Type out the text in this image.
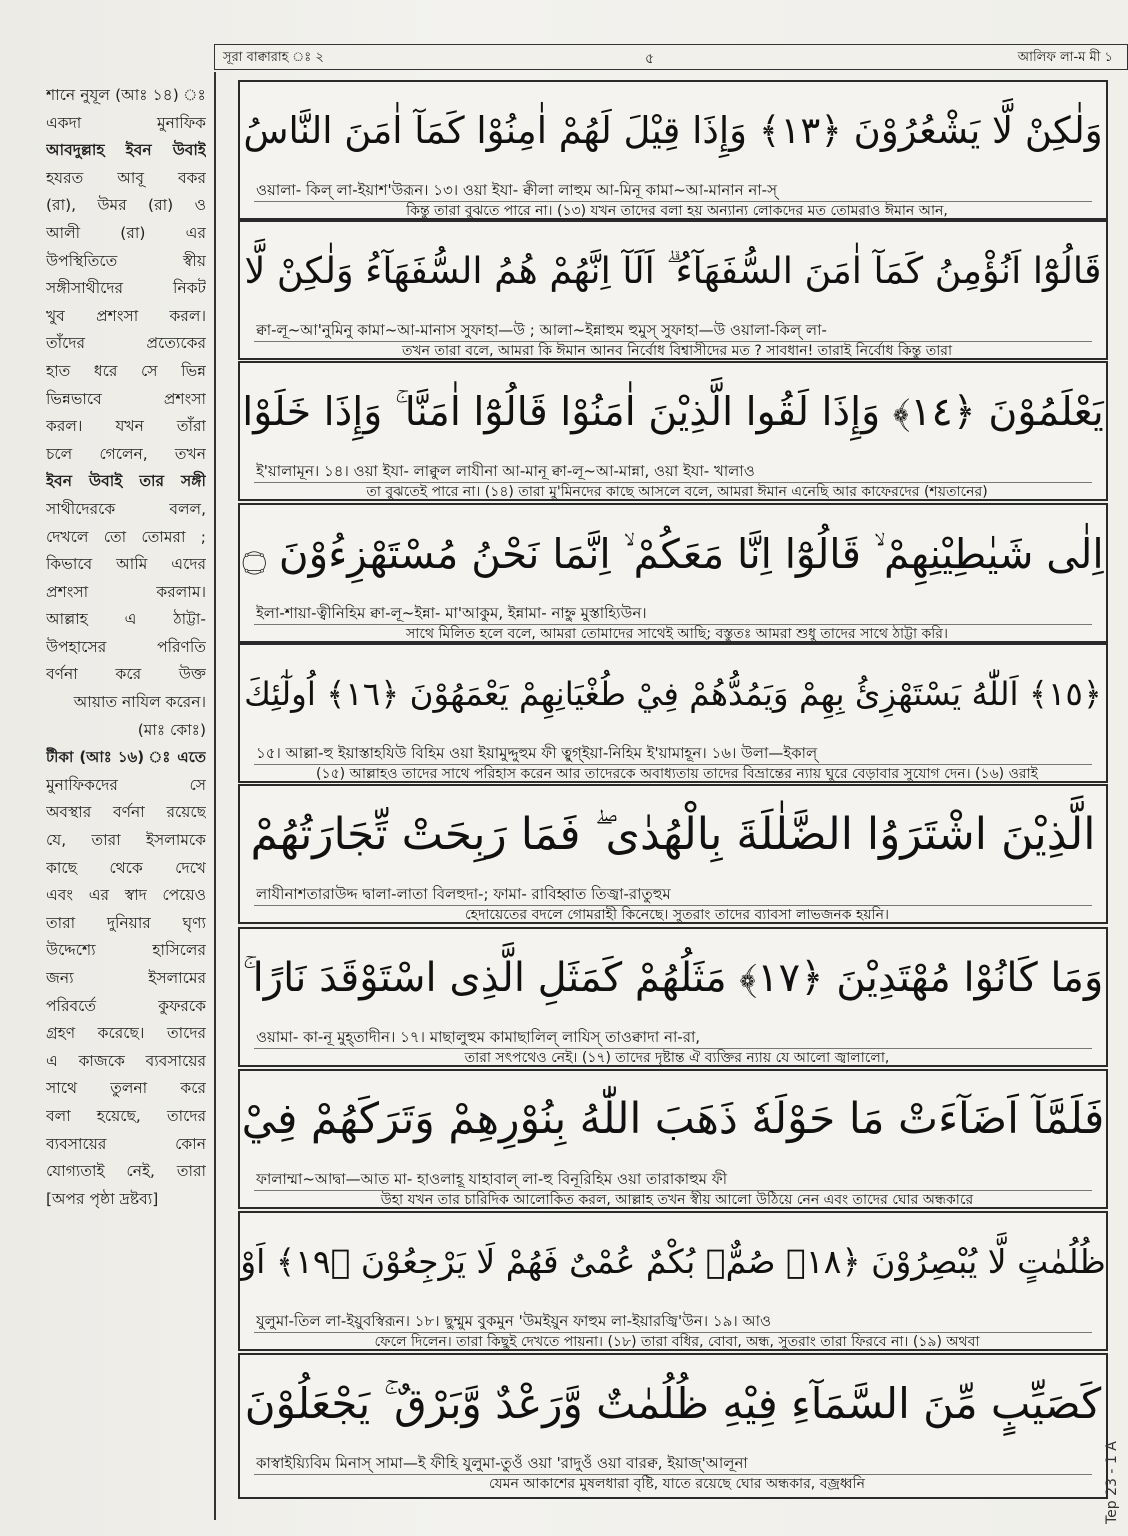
শানে নুযূল (আঃ ১৪) ঃ
একদা মুনাফিক
আবদুল্লাহ ইবন উবাই
হযরত আবূ বকর
(রা), উমর (রা) ও
আলী (রা) এর
উপস্থিতিতে স্বীয়
সঙ্গীসাথীদের নিকট
খুব প্রশংসা করল।
তাঁদের প্রত্যেকের
হাত ধরে সে ভিন্ন
ভিন্নভাবে প্রশংসা
করল। যখন তাঁরা
চলে গেলেন, তখন
ইবন উবাই তার সঙ্গী
সাথীদেরকে বলল,
দেখলে তো তোমরা ;
কিভাবে আমি এদের
প্রশংসা করলাম।
আল্লাহ এ ঠাট্টা-
উপহাসের পরিণতি
বর্ণনা করে উক্ত
আয়াত নাযিল করেন।
(মাঃ কোঃ)
টীকা (আঃ ১৬) ঃ এতে
মুনাফিকদের সে
অবস্থার বর্ণনা রয়েছে
যে, তারা ইসলামকে
কাছে থেকে দেখে
এবং এর স্বাদ পেয়েও
তারা দুনিয়ার ঘৃণ্য
উদ্দেশ্যে হাসিলের
জন্য ইসলামের
পরিবর্তে কুফরকে
গ্রহণ করেছে। তাদের
এ কাজকে ব্যবসায়ের
সাথে তুলনা করে
বলা হয়েছে, তাদের
ব্যবসায়ের কোন
যোগ্যতাই নেই, তারা
[অপর পৃষ্ঠা দ্রষ্টব্য]
সূরা বাক্বারাহ ঃ ২	৫	আলিফ লা-ম মী ১
وَلٰكِنْ لَّا يَشْعُرُوْنَ ﴿١٣﴾ وَإِذَا قِيْلَ لَهُمْ اٰمِنُوْا كَمَآ اٰمَنَ النَّاسُ
ওয়ালা- কিল্ লা-ইয়াশ'উরূন। ১৩। ওয়া ইযা- ক্বীলা লাহুম আ-মিনূ কামা~আ-মানান না-স্
কিন্তু তারা বুঝতে পারে না। (১৩) যখন তাদের বলা হয় অন্যান্য লোকদের মত তোমরাও ঈমান আন,
قَالُوْٓا اَنُؤْمِنُ كَمَآ اٰمَنَ السُّفَهَآءُ ۗ اَلَآ اِنَّهُمْ هُمُ السُّفَهَآءُ وَلٰكِنْ لَّا
ক্বা-লূ~আ'নুমিনু কামা~আ-মানাস সুফাহা—উ ; আলা~ইন্নাহুম হুমুস্ সুফাহা—উ ওয়ালা-কিল্ লা-
তখন তারা বলে, আমরা কি ঈমান আনব নির্বোধ বিশ্বাসীদের মত ? সাবধান! তারাই নির্বোধ কিন্তু তারা
يَعْلَمُوْنَ ﴿١٤﴾ وَإِذَا لَقُوا الَّذِيْنَ اٰمَنُوْا قَالُوْٓا اٰمَنَّا ۚ وَإِذَا خَلَوْا
ই'য়ালামূন। ১৪। ওয়া ইযা- লাক্বুল লাযীনা আ-মানূ ক্বা-লূ~আ-মান্না, ওয়া ইযা- খালাও
তা বুঝতেই পারে না। (১৪) তারা মু'মিনদের কাছে আসলে বলে, আমরা ঈমান এনেছি আর কাফেরদের (শয়তানের)
اِلٰى شَيٰطِيْنِهِمْ ۙ قَالُوْٓا اِنَّا مَعَكُمْ ۙ اِنَّمَا نَحْنُ مُسْتَهْزِءُوْنَ ۝
ইলা-শায়া-ত্বীনিহিম ক্বা-লূ~ইন্না- মা'আকুম, ইন্নামা- নাহ্নু মুস্তাহ্যিউন।
সাথে মিলিত হলে বলে, আমরা তোমাদের সাথেই আছি; বস্তুতঃ আমরা শুধু তাদের সাথে ঠাট্টা করি।
﴿١٥﴾ اَللّٰهُ يَسْتَهْزِئُ بِهِمْ وَيَمُدُّهُمْ فِيْ طُغْيَانِهِمْ يَعْمَهُوْنَ ﴿١٦﴾ اُولٰٓئِكَ
১৫। আল্লা-হু ইয়াস্তাহযিউ বিহিম ওয়া ইয়ামুদ্দুহুম ফী ত্বুগ্ইয়া-নিহিম ই'য়ামাহূন। ১৬। উলা—ইকাল্
(১৫) আল্লাহও তাদের সাথে পরিহাস করেন আর তাদেরকে অবাধ্যতায় তাদের বিভ্রান্তের ন্যায় ঘুরে বেড়াবার সুযোগ দেন। (১৬) ওরাই
الَّذِيْنَ اشْتَرَوُا الضَّلٰلَةَ بِالْهُدٰى ۖ فَمَا رَبِحَتْ تِّجَارَتُهُمْ
লাযীনাশতারাউদ্দ দ্বালা-লাতা বিলহুদা-; ফামা- রাবিহ্বাত তিজ্বা-রাতুহুম
হেদায়েতের বদলে গোমরাহী কিনেছে। সুতরাং তাদের ব্যাবসা লাভজনক হয়নি।
وَمَا كَانُوْا مُهْتَدِيْنَ ﴿١٧﴾ مَثَلُهُمْ كَمَثَلِ الَّذِى اسْتَوْقَدَ نَارًا ۚ
ওয়ামা- কা-নূ মুহ্তাদীন। ১৭। মাছালুহুম কামাছালিল্ লাযিস্ তাওক্বাদা না-রা,
তারা সৎপথেও নেই। (১৭) তাদের দৃষ্টান্ত ঐ ব্যক্তির ন্যায় যে আলো জ্বালালো,
فَلَمَّآ اَضَآءَتْ مَا حَوْلَهٗ ذَهَبَ اللّٰهُ بِنُوْرِهِمْ وَتَرَكَهُمْ فِيْ
ফালাম্মা~আদ্বা—আত মা- হাওলাহূ যাহাবাল্ লা-হু বিনূরিহিম ওয়া তারাকাহুম ফী
উহা যখন তার চারিদিক আলোকিত করল, আল্লাহ তখন স্বীয় আলো উঠিয়ে নেন এবং তাদের ঘোর অন্ধকারে
ظُلُمٰتٍ لَّا يُبْصِرُوْنَ ﴿١٨﴾ صُمٌّۢ بُكْمٌ عُمْىٌ فَهُمْ لَا يَرْجِعُوْنَ ﴿١٩﴾ اَوْ
যুলুমা-তিল লা-ইয়ুবস্বিরূন। ১৮। ছুম্মুম বুকমুন 'উমইয়ুন ফাহুম লা-ইয়ারজ্বি'উন। ১৯। আও
ফেলে দিলেন। তারা কিছুই দেখতে পায়না। (১৮) তারা বধির, বোবা, অন্ধ, সুতরাং তারা ফিরবে না। (১৯) অথবা
كَصَيِّبٍ مِّنَ السَّمَآءِ فِيْهِ ظُلُمٰتٌ وَّرَعْدٌ وَّبَرْقٌ ۚ يَجْعَلُوْنَ
কাস্বাইয়্যিবিম মিনাস্ সামা—ই ফীহি যুলুমা-তুওঁ ওয়া 'রাদুওঁ ওয়া বারক্ব, ইয়াজ্'আলূনা
যেমন আকাশের মুষলধারা বৃষ্টি, যাতে রয়েছে ঘোর অন্ধকার, বজ্রধ্বনি	Tep 23 - 1 A
